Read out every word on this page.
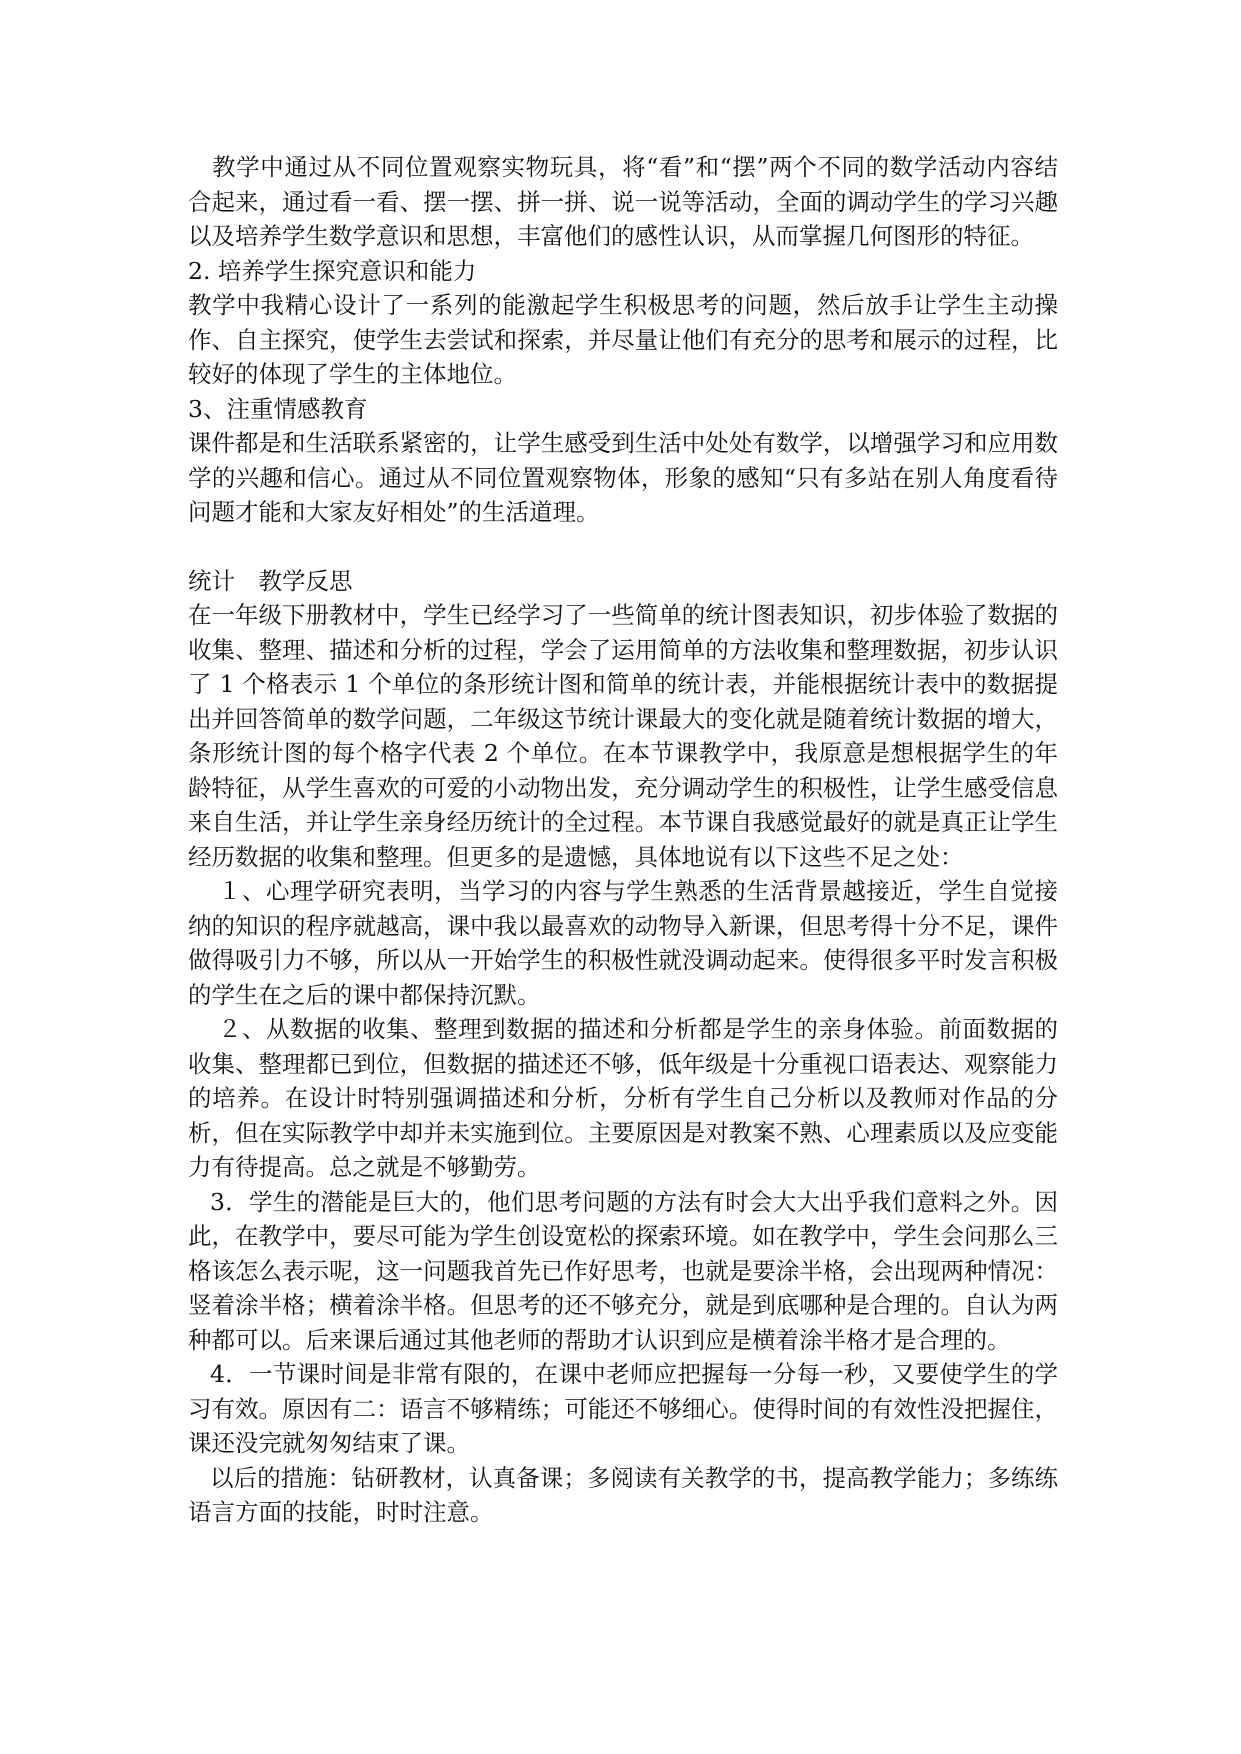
教学中通过从不同位置观察实物玩具，将“看”和“摆”两个不同的数学活动内容结合起来，通过看一看、摆一摆、拼一拼、说一说等活动，全面的调动学生的学习兴趣以及培养学生数学意识和思想，丰富他们的感性认识，从而掌握几何图形的特征。

2. 培养学生探究意识和能力

教学中我精心设计了一系列的能激起学生积极思考的问题，然后放手让学生主动操作、自主探究，使学生去尝试和探索，并尽量让他们有充分的思考和展示的过程，比较好的体现了学生的主体地位。

3、注重情感教育

课件都是和生活联系紧密的，让学生感受到生活中处处有数学，以增强学习和应用数学的兴趣和信心。通过从不同位置观察物体，形象的感知“只有多站在别人角度看待问题才能和大家友好相处”的生活道理。

统计　教学反思

在一年级下册教材中，学生已经学习了一些简单的统计图表知识，初步体验了数据的收集、整理、描述和分析的过程，学会了运用简单的方法收集和整理数据，初步认识了 1 个格表示 1 个单位的条形统计图和简单的统计表，并能根据统计表中的数据提出并回答简单的数学问题，二年级这节统计课最大的变化就是随着统计数据的增大，条形统计图的每个格字代表 2 个单位。在本节课教学中，我原意是想根据学生的年龄特征，从学生喜欢的可爱的小动物出发，充分调动学生的积极性，让学生感受信息来自生活，并让学生亲身经历统计的全过程。本节课自我感觉最好的就是真正让学生经历数据的收集和整理。但更多的是遗憾，具体地说有以下这些不足之处：

１、心理学研究表明，当学习的内容与学生熟悉的生活背景越接近，学生自觉接纳的知识的程序就越高，课中我以最喜欢的动物导入新课，但思考得十分不足，课件做得吸引力不够，所以从一开始学生的积极性就没调动起来。使得很多平时发言积极的学生在之后的课中都保持沉默。

２、从数据的收集、整理到数据的描述和分析都是学生的亲身体验。前面数据的收集、整理都已到位，但数据的描述还不够，低年级是十分重视口语表达、观察能力的培养。在设计时特别强调描述和分析，分析有学生自己分析以及教师对作品的分析，但在实际教学中却并未实施到位。主要原因是对教案不熟、心理素质以及应变能力有待提高。总之就是不够勤劳。

3．学生的潜能是巨大的，他们思考问题的方法有时会大大出乎我们意料之外。因此，在教学中，要尽可能为学生创设宽松的探索环境。如在教学中，学生会问那么三格该怎么表示呢，这一问题我首先已作好思考，也就是要涂半格，会出现两种情况：竖着涂半格；横着涂半格。但思考的还不够充分，就是到底哪种是合理的。自认为两种都可以。后来课后通过其他老师的帮助才认识到应是横着涂半格才是合理的。

4．一节课时间是非常有限的，在课中老师应把握每一分每一秒，又要使学生的学习有效。原因有二：语言不够精练；可能还不够细心。使得时间的有效性没把握住，课还没完就匆匆结束了课。

以后的措施：钻研教材，认真备课；多阅读有关教学的书，提高教学能力；多练练语言方面的技能，时时注意。
